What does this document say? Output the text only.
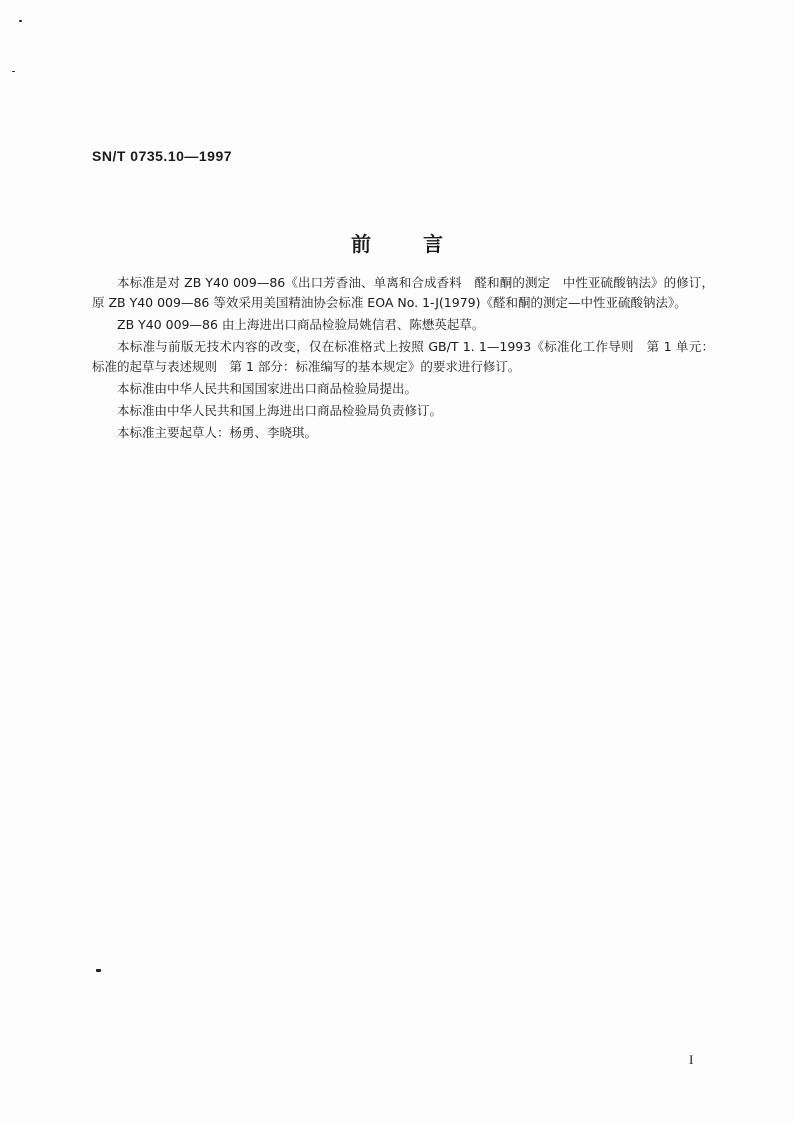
SN/T 0735.10—1997
前	言

本标准是对 ZB Y40 009—86《出口芳香油、单离和合成香料　醛和酮的测定　中性亚硫酸钠法》的修订，原 ZB Y40 009—86 等效采用美国精油协会标准 EOA No. 1-J(1979)《醛和酮的测定—中性亚硫酸钠法》。

ZB Y40 009—86 由上海进出口商品检验局姚信君、陈懋英起草。

本标准与前版无技术内容的改变，仅在标准格式上按照 GB/T 1. 1—1993《标准化工作导则　第 1 单元：标准的起草与表述规则　第 1 部分：标准编写的基本规定》的要求进行修订。

本标准由中华人民共和国国家进出口商品检验局提出。

本标准由中华人民共和国上海进出口商品检验局负责修订。

本标准主要起草人：杨勇、李晓琪。

I
